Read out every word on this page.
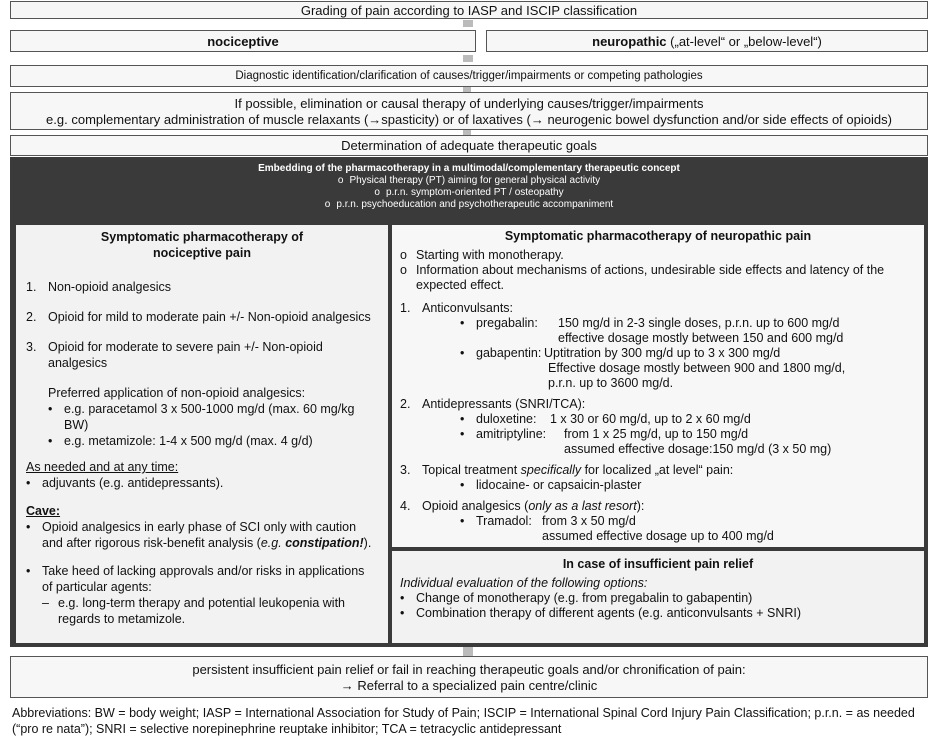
Grading of pain according to IASP and ISCIP classification
nociceptive	neuropathic („at-level“ or „below-level“)
Diagnostic identification/clarification of causes/trigger/impairments or competing pathologies
If possible, elimination or causal therapy of underlying causes/trigger/impairments
e.g. complementary administration of muscle relaxants (→spasticity) or of laxatives (→ neurogenic bowel dysfunction and/or side effects of opioids)
Determination of adequate therapeutic goals
Embedding of the pharmacotherapy in a multimodal/complementary therapeutic concept
o Physical therapy (PT) aiming for general physical activity
o p.r.n. symptom-oriented PT / osteopathy
o p.r.n. psychoeducation and psychotherapeutic accompaniment
Symptomatic pharmacotherapy of
nociceptive pain
1. Non-opioid analgesics
2. Opioid for mild to moderate pain +/- Non-opioid analgesics
3. Opioid for moderate to severe pain +/- Non-opioid analgesics
Preferred application of non-opioid analgesics:
• e.g. paracetamol 3 x 500-1000 mg/d (max. 60 mg/kg BW)
• e.g. metamizole: 1-4 x 500 mg/d (max. 4 g/d)
As needed and at any time:
• adjuvants (e.g. antidepressants).
Cave:
• Opioid analgesics in early phase of SCI only with caution and after rigorous risk-benefit analysis (e.g. constipation!).
• Take heed of lacking approvals and/or risks in applications of particular agents:
– e.g. long-term therapy and potential leukopenia with regards to metamizole.
Symptomatic pharmacotherapy of neuropathic pain
o Starting with monotherapy.
o Information about mechanisms of actions, undesirable side effects and latency of the expected effect.
1. Anticonvulsants:
• pregabalin:	150 mg/d in 2-3 single doses, p.r.n. up to 600 mg/d
effective dosage mostly between 150 and 600 mg/d
• gabapentin: Uptitration by 300 mg/d up to 3 x 300 mg/d
Effective dosage mostly between 900 and 1800 mg/d,
p.r.n. up to 3600 mg/d.
2. Antidepressants (SNRI/TCA):
• duloxetine:	1 x 30 or 60 mg/d, up to 2 x 60 mg/d
• amitriptyline:	from 1 x 25 mg/d, up to 150 mg/d
assumed effective dosage:150 mg/d (3 x 50 mg)
3. Topical treatment specifically for localized „at level“ pain:
• lidocaine- or capsaicin-plaster
4. Opioid analgesics (only as a last resort):
• Tramadol: from 3 x 50 mg/d
assumed effective dosage up to 400 mg/d
In case of insufficient pain relief
Individual evaluation of the following options:
• Change of monotherapy (e.g. from pregabalin to gabapentin)
• Combination therapy of different agents (e.g. anticonvulsants + SNRI)
persistent insufficient pain relief or fail in reaching therapeutic goals and/or chronification of pain:
→ Referral to a specialized pain centre/clinic
Abbreviations: BW = body weight; IASP = International Association for Study of Pain; ISCIP = International Spinal Cord Injury Pain Classification; p.r.n. = as needed (“pro re nata”); SNRI = selective norepinephrine reuptake inhibitor; TCA = tetracyclic antidepressant
